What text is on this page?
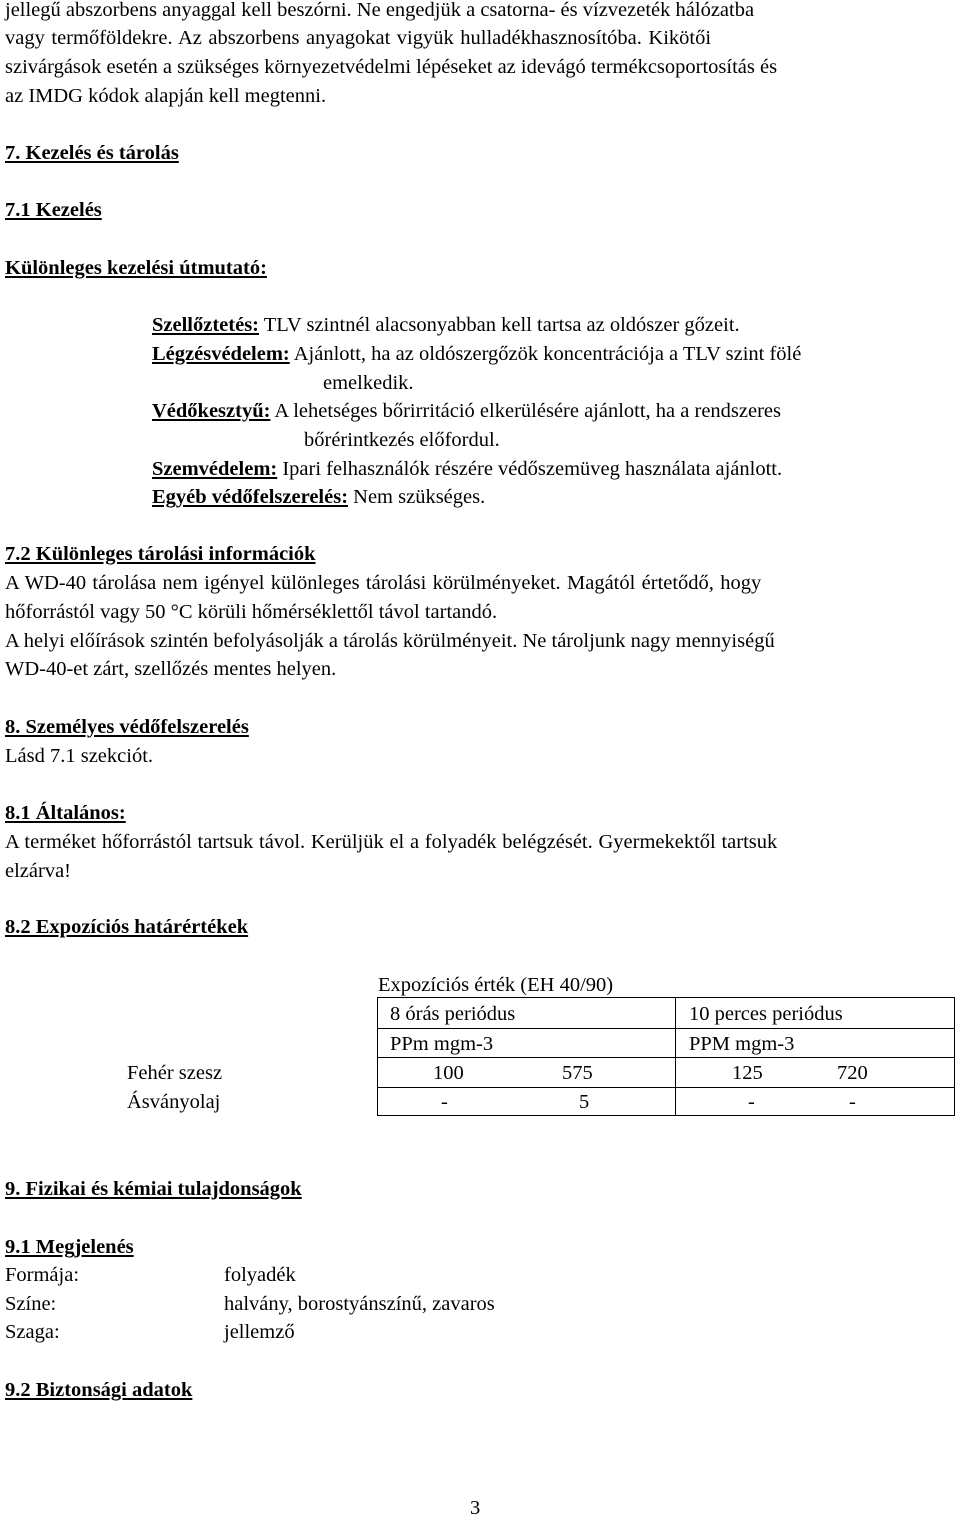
jellegű abszorbens anyaggal kell beszórni. Ne engedjük a csatorna- és vízvezeték hálózatba
vagy termőföldekre. Az abszorbens anyagokat vigyük hulladékhasznosítóba. Kikötői
szivárgások esetén a szükséges környezetvédelmi lépéseket az idevágó termékcsoportosítás és
az IMDG kódok alapján kell megtenni.
7. Kezelés és tárolás
7.1 Kezelés
Különleges kezelési útmutató:
Szellőztetés: TLV szintnél alacsonyabban kell tartsa az oldószer gőzeit.
Légzésvédelem: Ajánlott, ha az oldószergőzök koncentrációja a TLV szint fölé
emelkedik.
Védőkesztyű: A lehetséges bőrirritáció elkerülésére ajánlott, ha a rendszeres
bőrérintkezés előfordul.
Szemvédelem: Ipari felhasználók részére védőszemüveg használata ajánlott.
Egyéb védőfelszerelés: Nem szükséges.
7.2 Különleges tárolási információk
A WD-40 tárolása nem igényel különleges tárolási körülményeket. Magától értetődő, hogy
hőforrástól vagy 50 °C körüli hőmérséklettől távol tartandó.
A helyi előírások szintén befolyásolják a tárolás körülményeit. Ne tároljunk nagy mennyiségű
WD-40-et zárt, szellőzés mentes helyen.
8. Személyes védőfelszerelés
Lásd 7.1 szekciót.
8.1 Általános:
A terméket hőforrástól tartsuk távol. Kerüljük el a folyadék belégzését. Gyermekektől tartsuk
elzárva!
8.2 Expozíciós határértékek
Expozíciós érték (EH 40/90)
8 órás periódus	10 perces periódus
PPm mgm-3	PPM mgm-3
Fehér szesz	100	575	125	720
Ásványolaj	-	5	-	-
9. Fizikai és kémiai tulajdonságok
9.1 Megjelenés
Formája:	folyadék
Színe:	halvány, borostyánszínű, zavaros
Szaga:	jellemző
9.2 Biztonsági adatok
3
